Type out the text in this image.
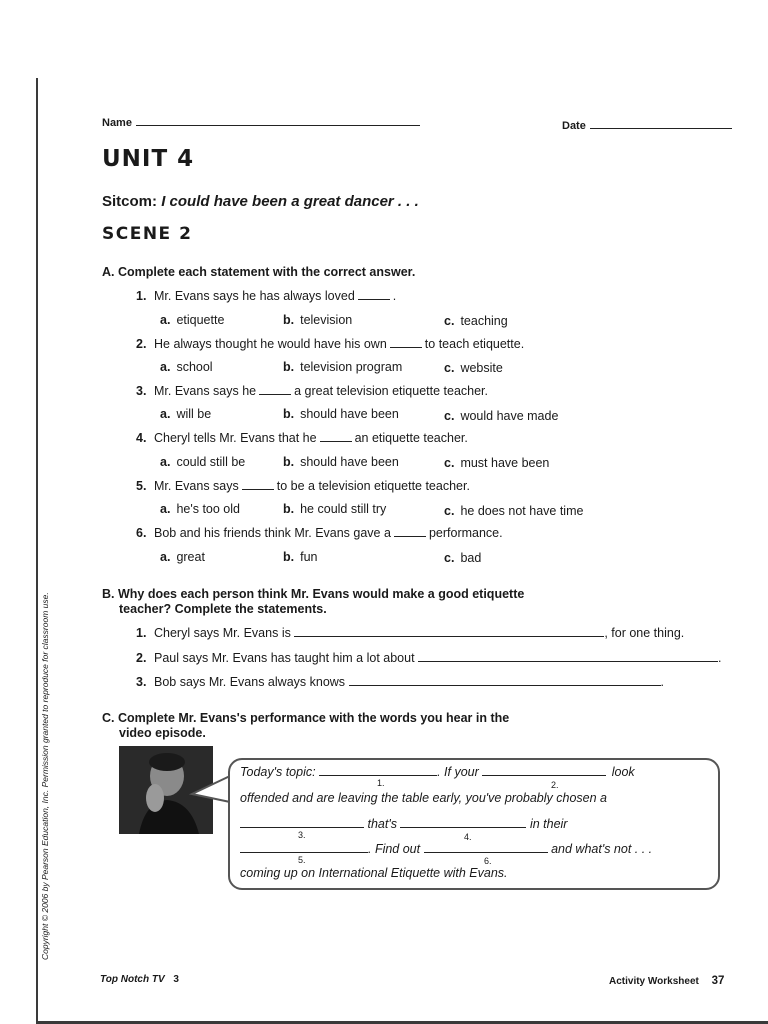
Name	Date
UNIT 4
Sitcom: I could have been a great dancer . . .
SCENE 2
A. Complete each statement with the correct answer.
1. Mr. Evans says he has always loved	.
a. etiquette	b. television	c. teaching
2. He always thought he would have his own	to teach etiquette.
a. school	b. television program	c. website
3. Mr. Evans says he	a great television etiquette teacher.
a. will be	b. should have been	c. would have made
4. Cheryl tells Mr. Evans that he	an etiquette teacher.
a. could still be	b. should have been	c. must have been
5. Mr. Evans says	to be a television etiquette teacher.
a. he's too old	b. he could still try	c. he does not have time
6. Bob and his friends think Mr. Evans gave a	performance.
a. great	b. fun	c. bad
B. Why does each person think Mr. Evans would make a good etiquette
teacher? Complete the statements.
1. Cheryl says Mr. Evans is	, for one thing.
2. Paul says Mr. Evans has taught him a lot about	.
3. Bob says Mr. Evans always knows	.
C. Complete Mr. Evans's performance with the words you hear in the
video episode.
Today's topic:	. If your	look
1.	2.
offended and are leaving the table early, you've probably chosen a
that's	in their
3.	4.
. Find out	and what's not . . .
5.	6.
coming up on International Etiquette with Evans.
Copyright © 2006 by Pearson Education, Inc. Permission granted to reproduce for classroom use.
Top Notch TV 3	Activity Worksheet 37
